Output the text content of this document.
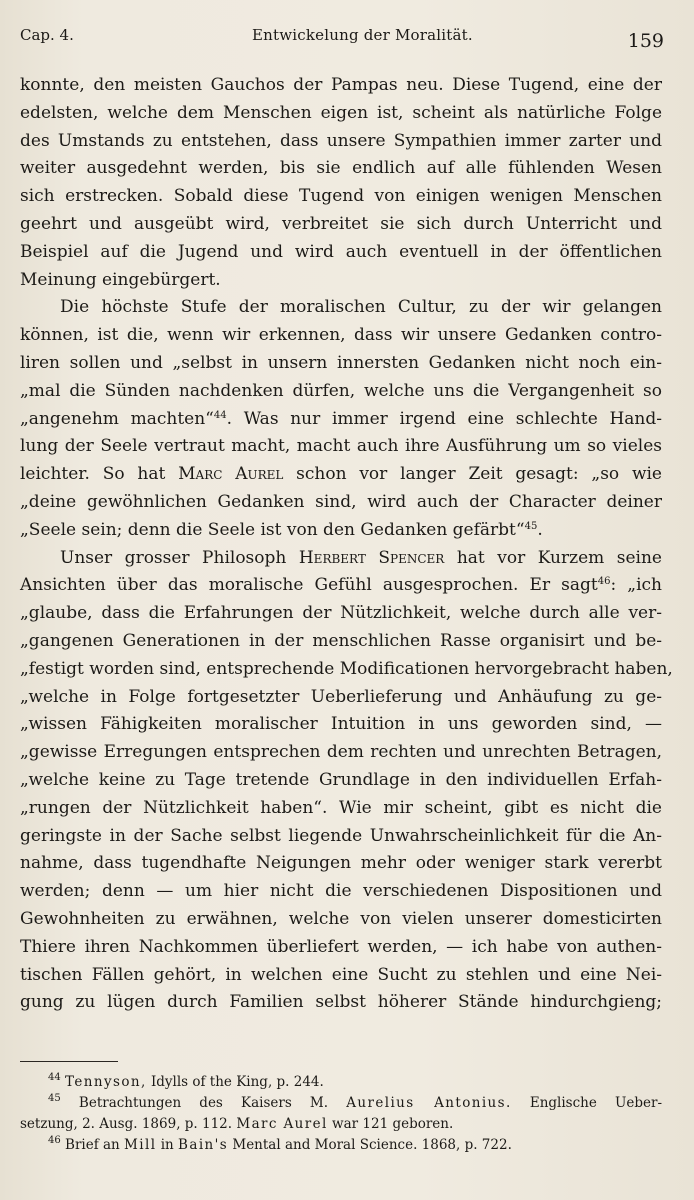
Cap. 4.	Entwickelung der Moralität.	159
konnte, den meisten Gauchos der Pampas neu. Diese Tugend, eine der
edelsten, welche dem Menschen eigen ist, scheint als natürliche Folge
des Umstands zu entstehen, dass unsere Sympathien immer zarter und
weiter ausgedehnt werden, bis sie endlich auf alle fühlenden Wesen
sich erstrecken. Sobald diese Tugend von einigen wenigen Menschen
geehrt und ausgeübt wird, verbreitet sie sich durch Unterricht und
Beispiel auf die Jugend und wird auch eventuell in der öffentlichen
Meinung eingebürgert.
Die höchste Stufe der moralischen Cultur, zu der wir gelangen
können, ist die, wenn wir erkennen, dass wir unsere Gedanken contro-
liren sollen und „selbst in unsern innersten Gedanken nicht noch ein-
„mal die Sünden nachdenken dürfen, welche uns die Vergangenheit so
„angenehm machten“$^{44}$. Was nur immer irgend eine schlechte Hand-
lung der Seele vertraut macht, macht auch ihre Ausführung um so vieles
leichter. So hat Marc Aurel schon vor langer Zeit gesagt: „so wie
„deine gewöhnlichen Gedanken sind, wird auch der Character deiner
„Seele sein; denn die Seele ist von den Gedanken gefärbt“$^{45}$.
Unser grosser Philosoph Herbert Spencer hat vor Kurzem seine
Ansichten über das moralische Gefühl ausgesprochen. Er sagt$^{46}$: „ich
„glaube, dass die Erfahrungen der Nützlichkeit, welche durch alle ver-
„gangenen Generationen in der menschlichen Rasse organisirt und be-
„festigt worden sind, entsprechende Modificationen hervorgebracht haben,
„welche in Folge fortgesetzter Ueberlieferung und Anhäufung zu ge-
„wissen Fähigkeiten moralischer Intuition in uns geworden sind, —
„gewisse Erregungen entsprechen dem rechten und unrechten Betragen,
„welche keine zu Tage tretende Grundlage in den individuellen Erfah-
„rungen der Nützlichkeit haben“. Wie mir scheint, gibt es nicht die
geringste in der Sache selbst liegende Unwahrscheinlichkeit für die An-
nahme, dass tugendhafte Neigungen mehr oder weniger stark vererbt
werden; denn — um hier nicht die verschiedenen Dispositionen und
Gewohnheiten zu erwähnen, welche von vielen unserer domesticirten
Thiere ihren Nachkommen überliefert werden, — ich habe von authen-
tischen Fällen gehört, in welchen eine Sucht zu stehlen und eine Nei-
gung zu lügen durch Familien selbst höherer Stände hindurchgieng;
$^{44}$ Tennyson, Idylls of the King, p. 244.
$^{45}$ Betrachtungen des Kaisers M. Aurelius Antonius. Englische Ueber-
setzung, 2. Ausg. 1869, p. 112. Marc Aurel war 121 geboren.
$^{46}$ Brief an Mill in Bain's Mental and Moral Science. 1868, p. 722.
